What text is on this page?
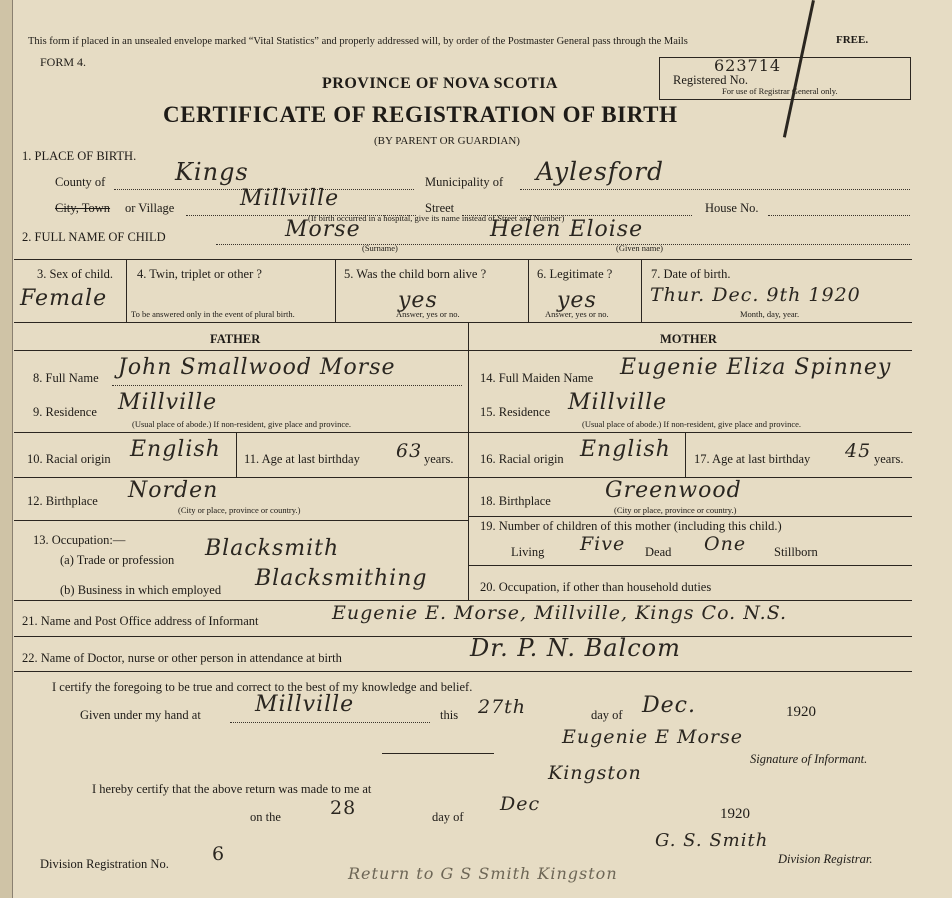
This form if placed in an unsealed envelope marked “Vital Statistics” and properly addressed will, by order of the Postmaster General pass through the Mails	FREE.
FORM 4.
PROVINCE OF NOVA SCOTIA
CERTIFICATE OF REGISTRATION OF BIRTH
(BY PARENT OR GUARDIAN)
Registered No.
623714
For use of Registrar General only.
1. PLACE OF BIRTH.
County of	Kings	Municipality of Aylesford
City, Town or Village	Millville	Street	House No.
(If birth occurred in a hospital, give its name instead of Street and Number)
2. FULL NAME OF CHILD	Morse
(Surname)
Helen Eloise
(Given name)
3. Sex of child.
Female
4. Twin, triplet or other ?
To be answered only in the event of plural birth.
5. Was the child born alive ?
yes
Answer, yes or no.
6. Legitimate ?
yes
Answer, yes or no.
7. Date of birth.
Thur. Dec. 9th 1920
Month, day, year.
FATHER	MOTHER
8. Full Name John Smallwood Morse
9. Residence Millville
(Usual place of abode.) If non-resident, give place and province.
10. Racial origin English 11. Age at last birthday 63 years.
12. Birthplace Norden
(City or place, province or country.)
13. Occupation:—
(a) Trade or profession Blacksmith
(b) Business in which employed Blacksmithing
14. Full Maiden Name Eugenie Eliza Spinney
15. Residence Millville
(Usual place of abode.) If non-resident, give place and province.
16. Racial origin English 17. Age at last birthday 45 years.
18. Birthplace Greenwood
(City or place, province or country.)
19. Number of children of this mother (including this child.)
Living Five Dead One Stillborn
20. Occupation, if other than household duties
21. Name and Post Office address of Informant	Eugenie E. Morse, Millville, Kings Co. N.S.
22. Name of Doctor, nurse or other person in attendance at birth	Dr. P. N. Balcom
I certify the foregoing to be true and correct to the best of my knowledge and belief.
Given under my hand at Millville	this 27th	day of Dec.	1920
Eugenie E Morse
Signature of Informant.
I hereby certify that the above return was made to me at
Kingston
on the	28	day of
Dec	1920
G. S. Smith
Division Registrar.
Division Registration No. 6
Return to G S Smith Kingston
